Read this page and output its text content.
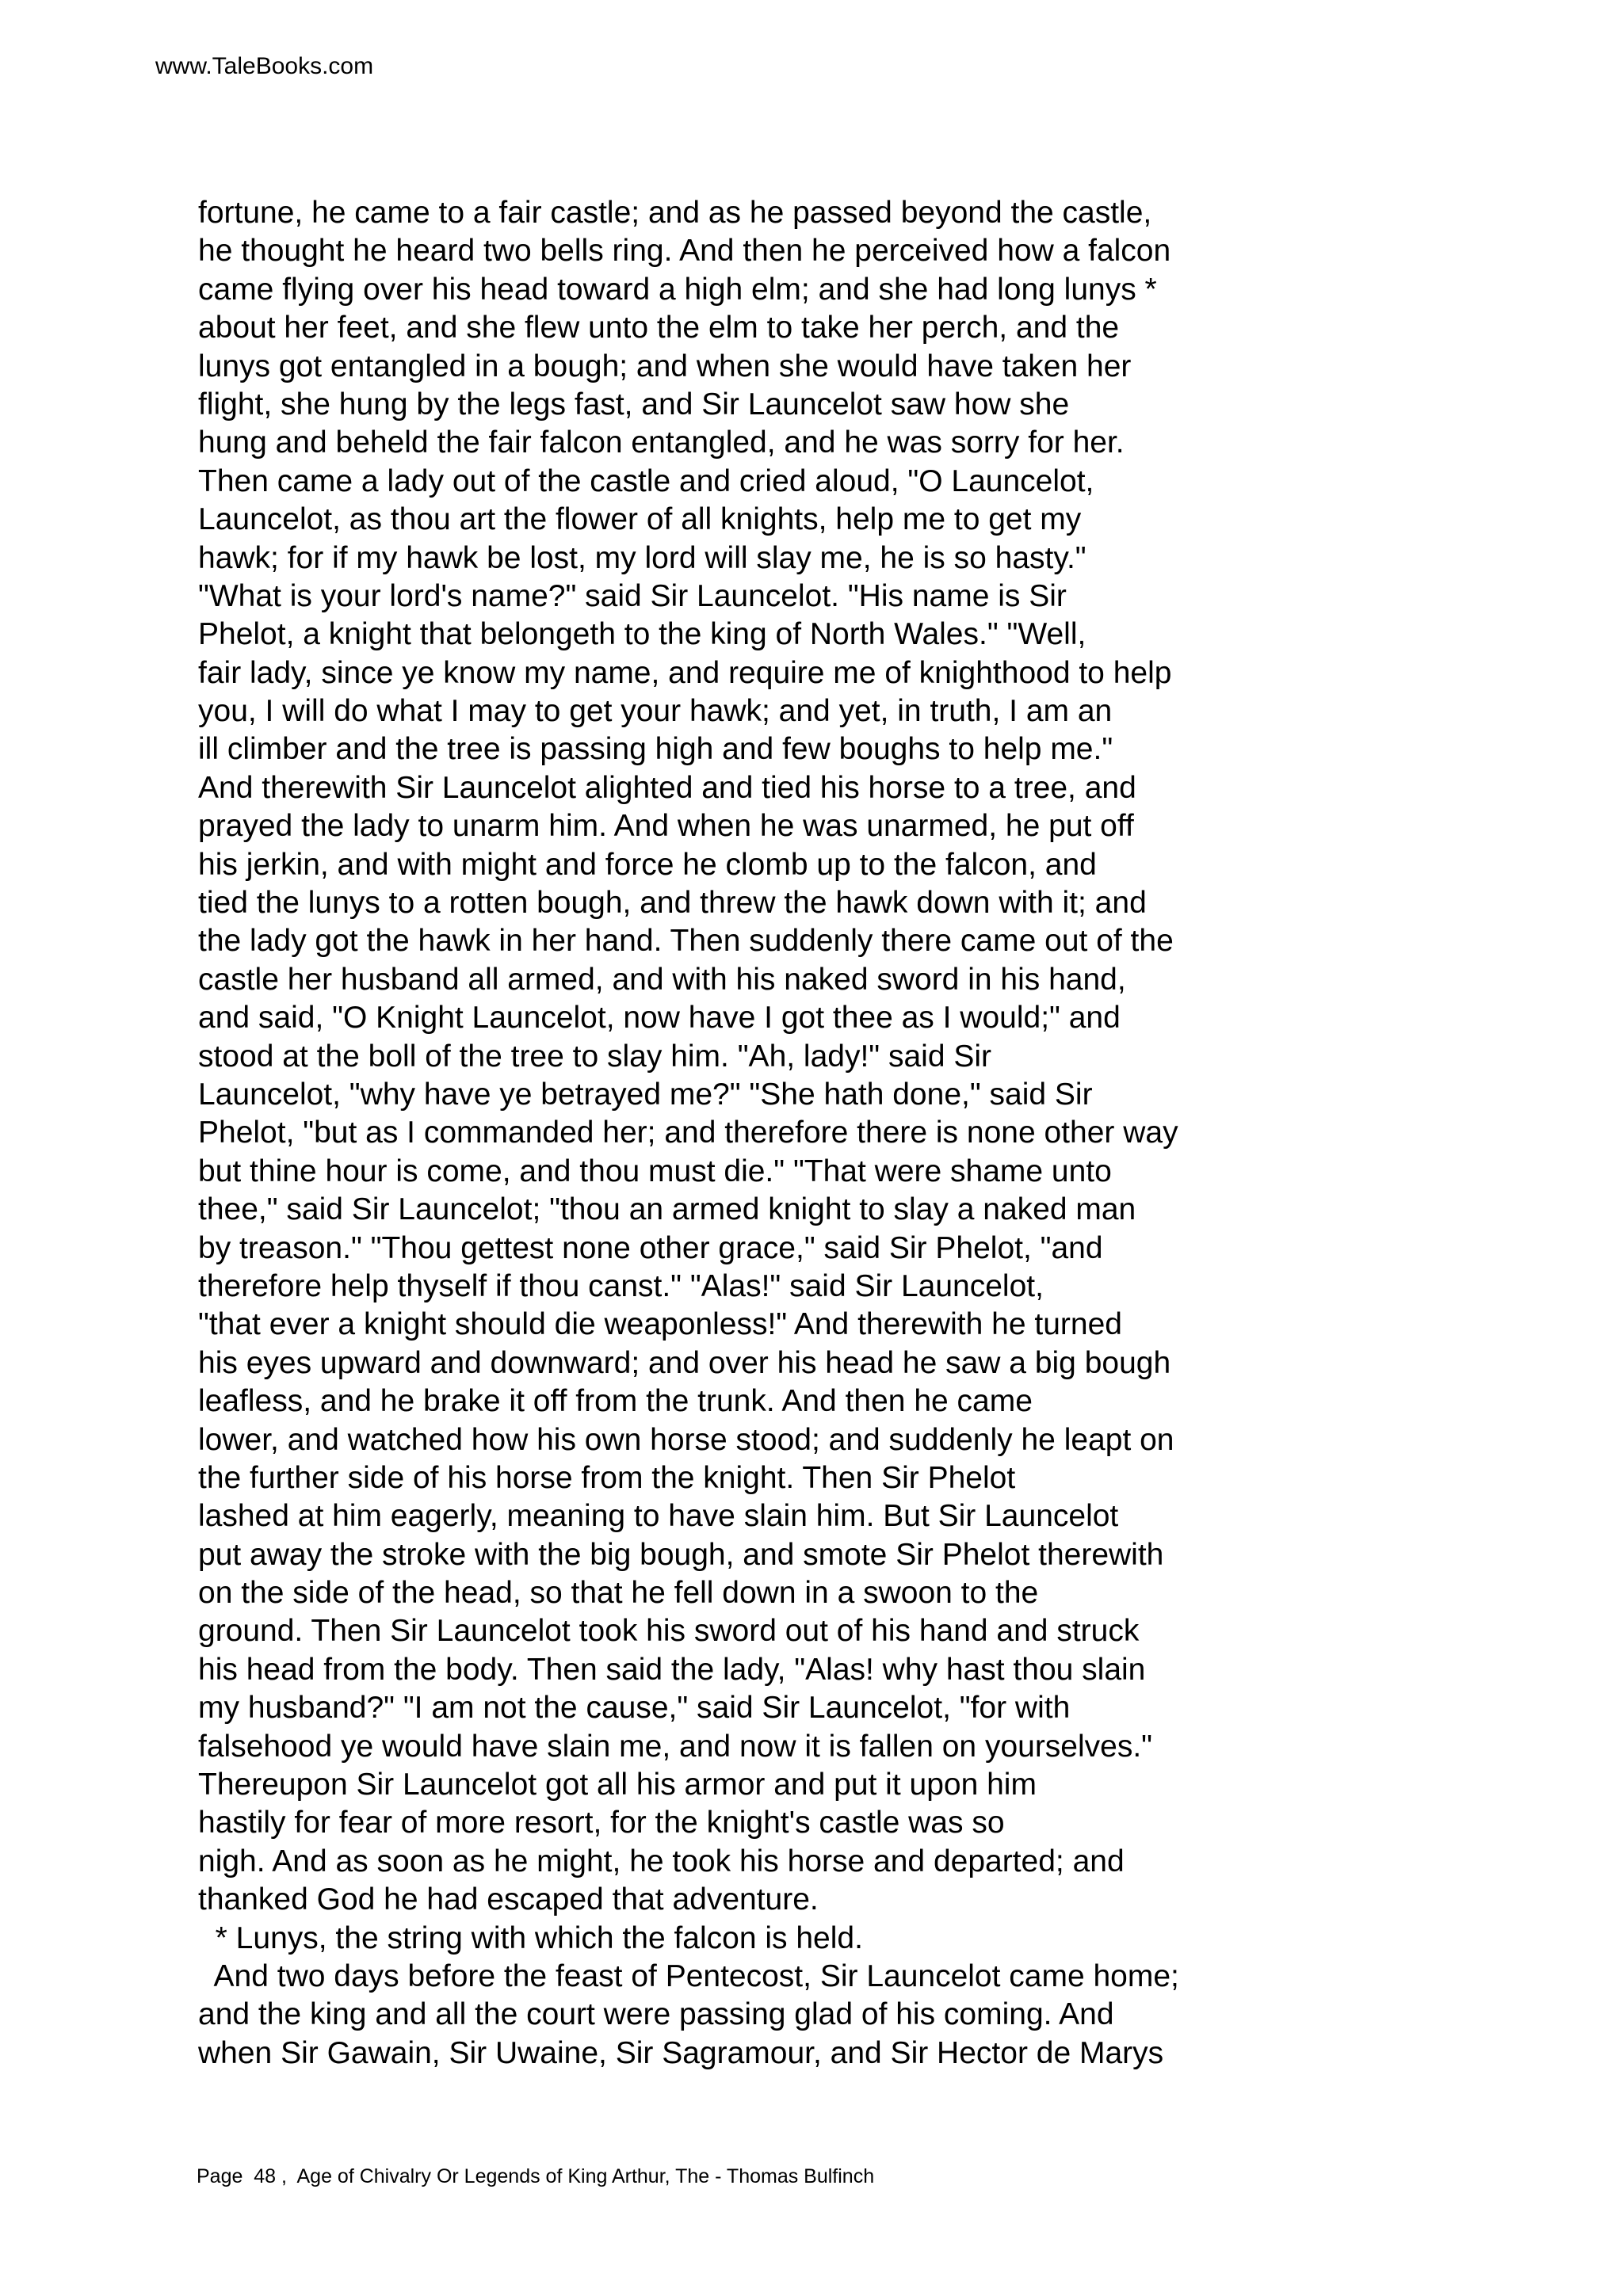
www.TaleBooks.com
fortune, he came to a fair castle; and as he passed beyond the castle,
he thought he heard two bells ring. And then he perceived how a falcon
came flying over his head toward a high elm; and she had long lunys *
about her feet, and she flew unto the elm to take her perch, and the
lunys got entangled in a bough; and when she would have taken her
flight, she hung by the legs fast, and Sir Launcelot saw how she
hung and beheld the fair falcon entangled, and he was sorry for her.
Then came a lady out of the castle and cried aloud, "O Launcelot,
Launcelot, as thou art the flower of all knights, help me to get my
hawk; for if my hawk be lost, my lord will slay me, he is so hasty."
"What is your lord's name?" said Sir Launcelot. "His name is Sir
Phelot, a knight that belongeth to the king of North Wales." "Well,
fair lady, since ye know my name, and require me of knighthood to help
you, I will do what I may to get your hawk; and yet, in truth, I am an
ill climber and the tree is passing high and few boughs to help me."
And therewith Sir Launcelot alighted and tied his horse to a tree, and
prayed the lady to unarm him. And when he was unarmed, he put off
his jerkin, and with might and force he clomb up to the falcon, and
tied the lunys to a rotten bough, and threw the hawk down with it; and
the lady got the hawk in her hand. Then suddenly there came out of the
castle her husband all armed, and with his naked sword in his hand,
and said, "O Knight Launcelot, now have I got thee as I would;" and
stood at the boll of the tree to slay him. "Ah, lady!" said Sir
Launcelot, "why have ye betrayed me?" "She hath done," said Sir
Phelot, "but as I commanded her; and therefore there is none other way
but thine hour is come, and thou must die." "That were shame unto
thee," said Sir Launcelot; "thou an armed knight to slay a naked man
by treason." "Thou gettest none other grace," said Sir Phelot, "and
therefore help thyself if thou canst." "Alas!" said Sir Launcelot,
"that ever a knight should die weaponless!" And therewith he turned
his eyes upward and downward; and over his head he saw a big bough
leafless, and he brake it off from the trunk. And then he came
lower, and watched how his own horse stood; and suddenly he leapt on
the further side of his horse from the knight. Then Sir Phelot
lashed at him eagerly, meaning to have slain him. But Sir Launcelot
put away the stroke with the big bough, and smote Sir Phelot therewith
on the side of the head, so that he fell down in a swoon to the
ground. Then Sir Launcelot took his sword out of his hand and struck
his head from the body. Then said the lady, "Alas! why hast thou slain
my husband?" "I am not the cause," said Sir Launcelot, "for with
falsehood ye would have slain me, and now it is fallen on yourselves."
Thereupon Sir Launcelot got all his armor and put it upon him
hastily for fear of more resort, for the knight's castle was so
nigh. And as soon as he might, he took his horse and departed; and
thanked God he had escaped that adventure.
* Lunys, the string with which the falcon is held.
And two days before the feast of Pentecost, Sir Launcelot came home;
and the king and all the court were passing glad of his coming. And
when Sir Gawain, Sir Uwaine, Sir Sagramour, and Sir Hector de Marys
Page  48 ,  Age of Chivalry Or Legends of King Arthur, The - Thomas Bulfinch
